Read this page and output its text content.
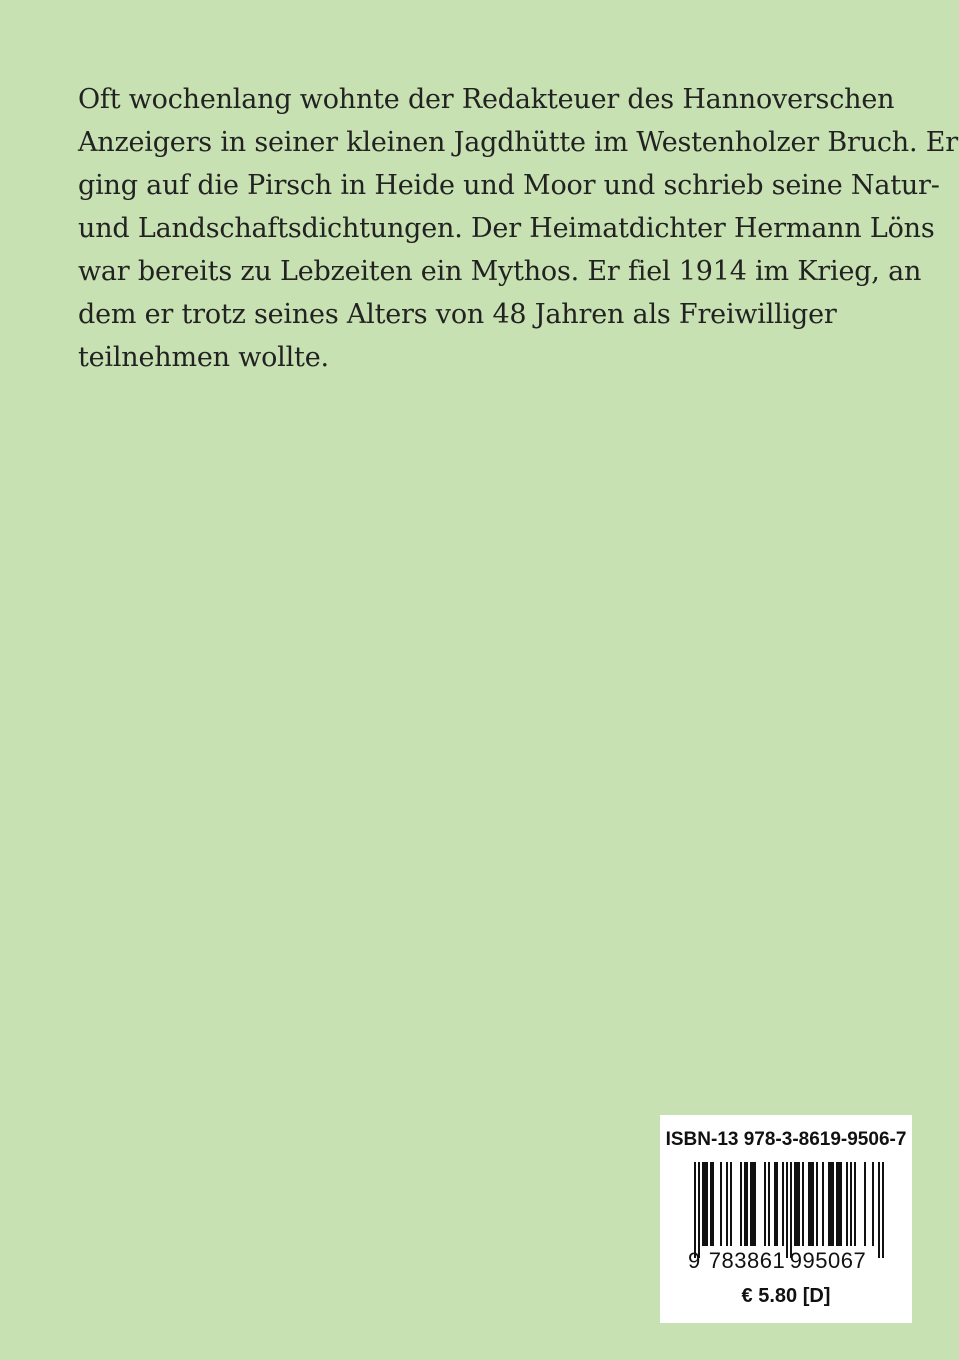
Oft wochenlang wohnte der Redakteuer des Hannoverschen
Anzeigers in seiner kleinen Jagdhütte im Westenholzer Bruch. Er
ging auf die Pirsch in Heide und Moor und schrieb seine Natur-
und Landschaftsdichtungen. Der Heimatdichter Hermann Löns
war bereits zu Lebzeiten ein Mythos. Er fiel 1914 im Krieg, an
dem er trotz seines Alters von 48 Jahren als Freiwilliger
teilnehmen wollte.
ISBN-13 978-3-8619-9506-7
9 783861 995067
€ 5.80 [D]
